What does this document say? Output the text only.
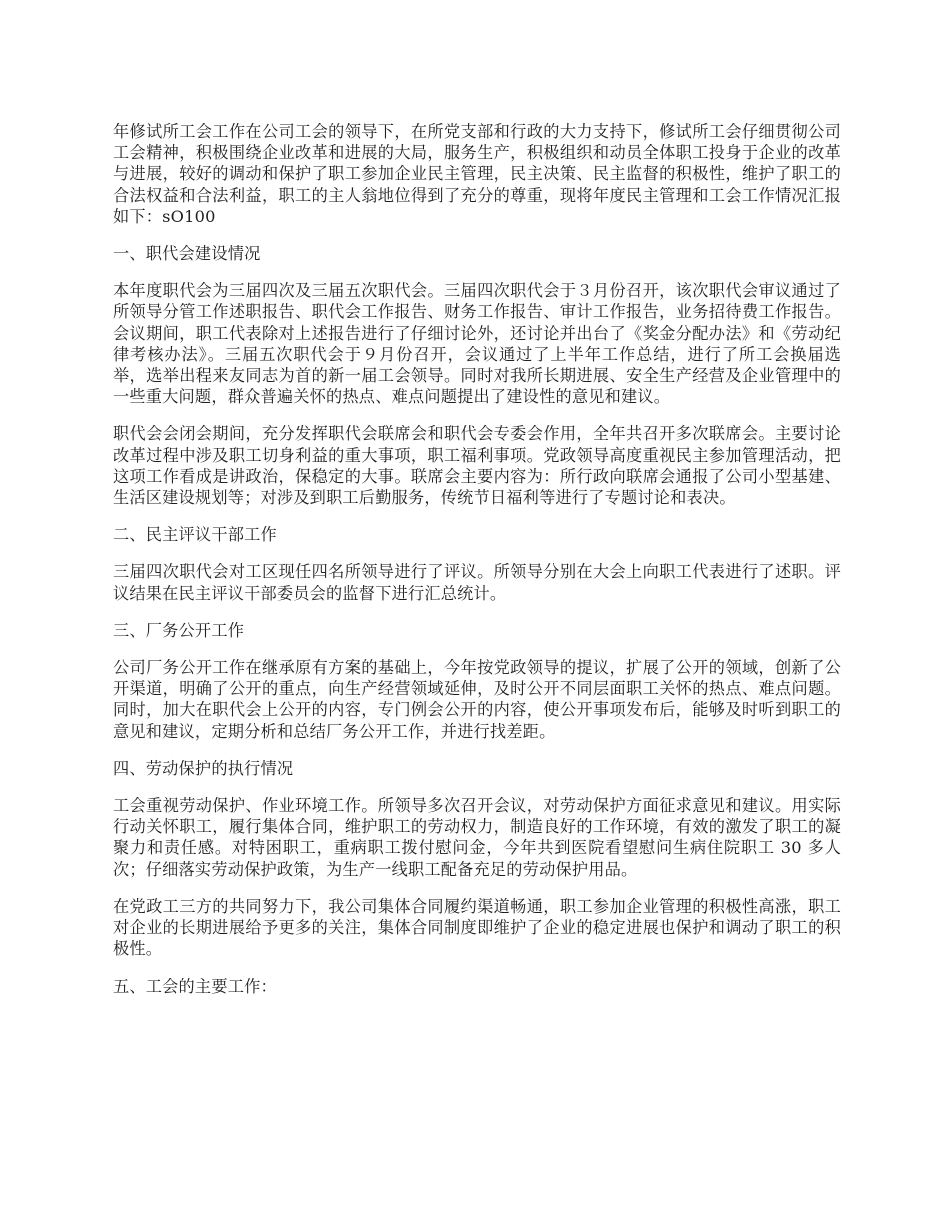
年修试所工会工作在公司工会的领导下，在所党支部和行政的大力支持下，修试所工会仔细贯彻公司工会精神，积极围绕企业改革和进展的大局，服务生产，积极组织和动员全体职工投身于企业的改革与进展，较好的调动和保护了职工参加企业民主管理，民主决策、民主监督的积极性，维护了职工的合法权益和合法利益，职工的主人翁地位得到了充分的尊重，现将年度民主管理和工会工作情况汇报如下：sO100

一、职代会建设情况

本年度职代会为三届四次及三届五次职代会。三届四次职代会于３月份召开，该次职代会审议通过了所领导分管工作述职报告、职代会工作报告、财务工作报告、审计工作报告，业务招待费工作报告。会议期间，职工代表除对上述报告进行了仔细讨论外，还讨论并出台了《奖金分配办法》和《劳动纪律考核办法》。三届五次职代会于９月份召开，会议通过了上半年工作总结，进行了所工会换届选举，选举出程来友同志为首的新一届工会领导。同时对我所长期进展、安全生产经营及企业管理中的一些重大问题，群众普遍关怀的热点、难点问题提出了建设性的意见和建议。

职代会会闭会期间，充分发挥职代会联席会和职代会专委会作用，全年共召开多次联席会。主要讨论改革过程中涉及职工切身利益的重大事项，职工福利事项。党政领导高度重视民主参加管理活动，把这项工作看成是讲政治，保稳定的大事。联席会主要内容为：所行政向联席会通报了公司小型基建、生活区建设规划等；对涉及到职工后勤服务，传统节日福利等进行了专题讨论和表决。

二、民主评议干部工作

三届四次职代会对工区现任四名所领导进行了评议。所领导分别在大会上向职工代表进行了述职。评议结果在民主评议干部委员会的监督下进行汇总统计。

三、厂务公开工作

公司厂务公开工作在继承原有方案的基础上，今年按党政领导的提议，扩展了公开的领域，创新了公开渠道，明确了公开的重点，向生产经营领域延伸，及时公开不同层面职工关怀的热点、难点问题。同时，加大在职代会上公开的内容，专门例会公开的内容，使公开事项发布后，能够及时听到职工的意见和建议，定期分析和总结厂务公开工作，并进行找差距。

四、劳动保护的执行情况

工会重视劳动保护、作业环境工作。所领导多次召开会议，对劳动保护方面征求意见和建议。用实际行动关怀职工，履行集体合同，维护职工的劳动权力，制造良好的工作环境，有效的激发了职工的凝聚力和责任感。对特困职工，重病职工拨付慰问金，今年共到医院看望慰问生病住院职工 30 多人次；仔细落实劳动保护政策，为生产一线职工配备充足的劳动保护用品。

在党政工三方的共同努力下，我公司集体合同履约渠道畅通，职工参加企业管理的积极性高涨，职工对企业的长期进展给予更多的关注，集体合同制度即维护了企业的稳定进展也保护和调动了职工的积极性。

五、工会的主要工作：
